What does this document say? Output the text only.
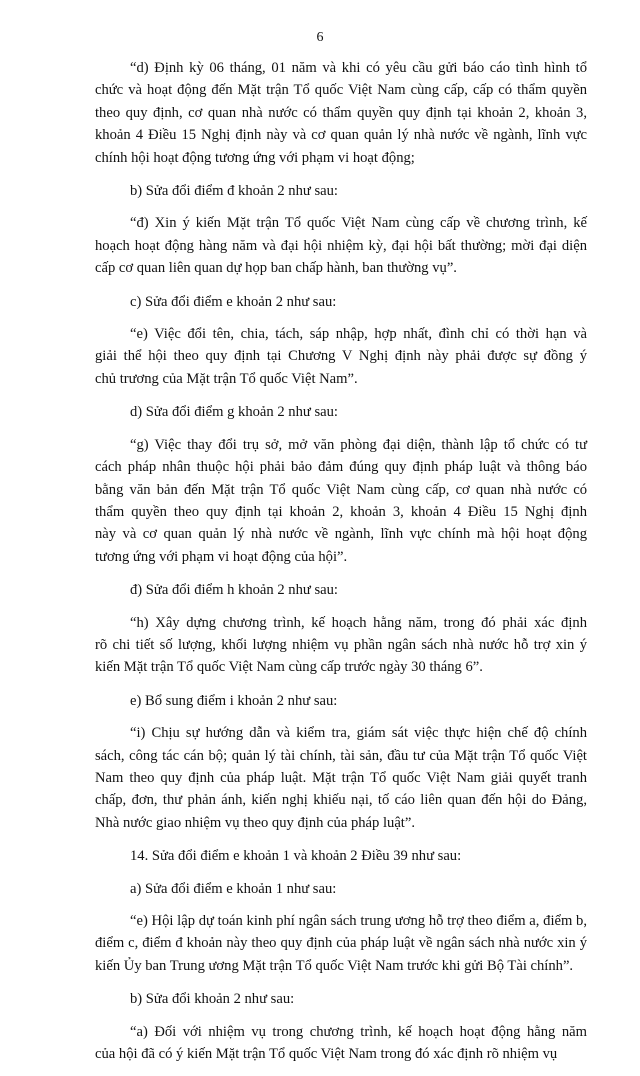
6
“d) Định kỳ 06 tháng, 01 năm và khi có yêu cầu gửi báo cáo tình hình tổ
chức và hoạt động đến Mặt trận Tổ quốc Việt Nam cùng cấp, cấp có thẩm quyền
theo quy định, cơ quan nhà nước có thẩm quyền quy định tại khoản 2, khoản 3,
khoản 4 Điều 15 Nghị định này và cơ quan quản lý nhà nước về ngành, lĩnh vực
chính hội hoạt động tương ứng với phạm vi hoạt động;

b) Sửa đổi điểm đ khoản 2 như sau:

“đ) Xin ý kiến Mặt trận Tổ quốc Việt Nam cùng cấp về chương trình, kế
hoạch hoạt động hàng năm và đại hội nhiệm kỳ, đại hội bất thường; mời đại diện
cấp cơ quan liên quan dự họp ban chấp hành, ban thường vụ”.

c) Sửa đổi điểm e khoản 2 như sau:

“e) Việc đổi tên, chia, tách, sáp nhập, hợp nhất, đình chỉ có thời hạn và
giải thể hội theo quy định tại Chương V Nghị định này phải được sự đồng ý
chủ trương của Mặt trận Tổ quốc Việt Nam”.

d) Sửa đổi điểm g khoản 2 như sau:

“g) Việc thay đổi trụ sở, mở văn phòng đại diện, thành lập tổ chức có tư
cách pháp nhân thuộc hội phải bảo đảm đúng quy định pháp luật và thông báo
bằng văn bản đến Mặt trận Tổ quốc Việt Nam cùng cấp, cơ quan nhà nước có
thẩm quyền theo quy định tại khoản 2, khoản 3, khoản 4 Điều 15 Nghị định
này và cơ quan quản lý nhà nước về ngành, lĩnh vực chính mà hội hoạt động
tương ứng với phạm vi hoạt động của hội”.

đ) Sửa đổi điểm h khoản 2 như sau:

“h) Xây dựng chương trình, kế hoạch hằng năm, trong đó phải xác định
rõ chi tiết số lượng, khối lượng nhiệm vụ phần ngân sách nhà nước hỗ trợ xin ý
kiến Mặt trận Tổ quốc Việt Nam cùng cấp trước ngày 30 tháng 6”.

e) Bổ sung điểm i khoản 2 như sau:

“i) Chịu sự hướng dẫn và kiểm tra, giám sát việc thực hiện chế độ chính
sách, công tác cán bộ; quản lý tài chính, tài sản, đầu tư của Mặt trận Tổ quốc Việt
Nam theo quy định của pháp luật. Mặt trận Tổ quốc Việt Nam giải quyết tranh
chấp, đơn, thư phản ánh, kiến nghị khiếu nại, tố cáo liên quan đến hội do Đảng,
Nhà nước giao nhiệm vụ theo quy định của pháp luật”.

14. Sửa đổi điểm e khoản 1 và khoản 2 Điều 39 như sau:

a) Sửa đổi điểm e khoản 1 như sau:

“e) Hội lập dự toán kinh phí ngân sách trung ương hỗ trợ theo điểm a, điểm b,
điểm c, điểm đ khoản này theo quy định của pháp luật về ngân sách nhà nước xin ý
kiến Ủy ban Trung ương Mặt trận Tổ quốc Việt Nam trước khi gửi Bộ Tài chính”.

b) Sửa đổi khoản 2 như sau:

“a) Đối với nhiệm vụ trong chương trình, kế hoạch hoạt động hằng năm
của hội đã có ý kiến Mặt trận Tổ quốc Việt Nam trong đó xác định rõ nhiệm vụ
